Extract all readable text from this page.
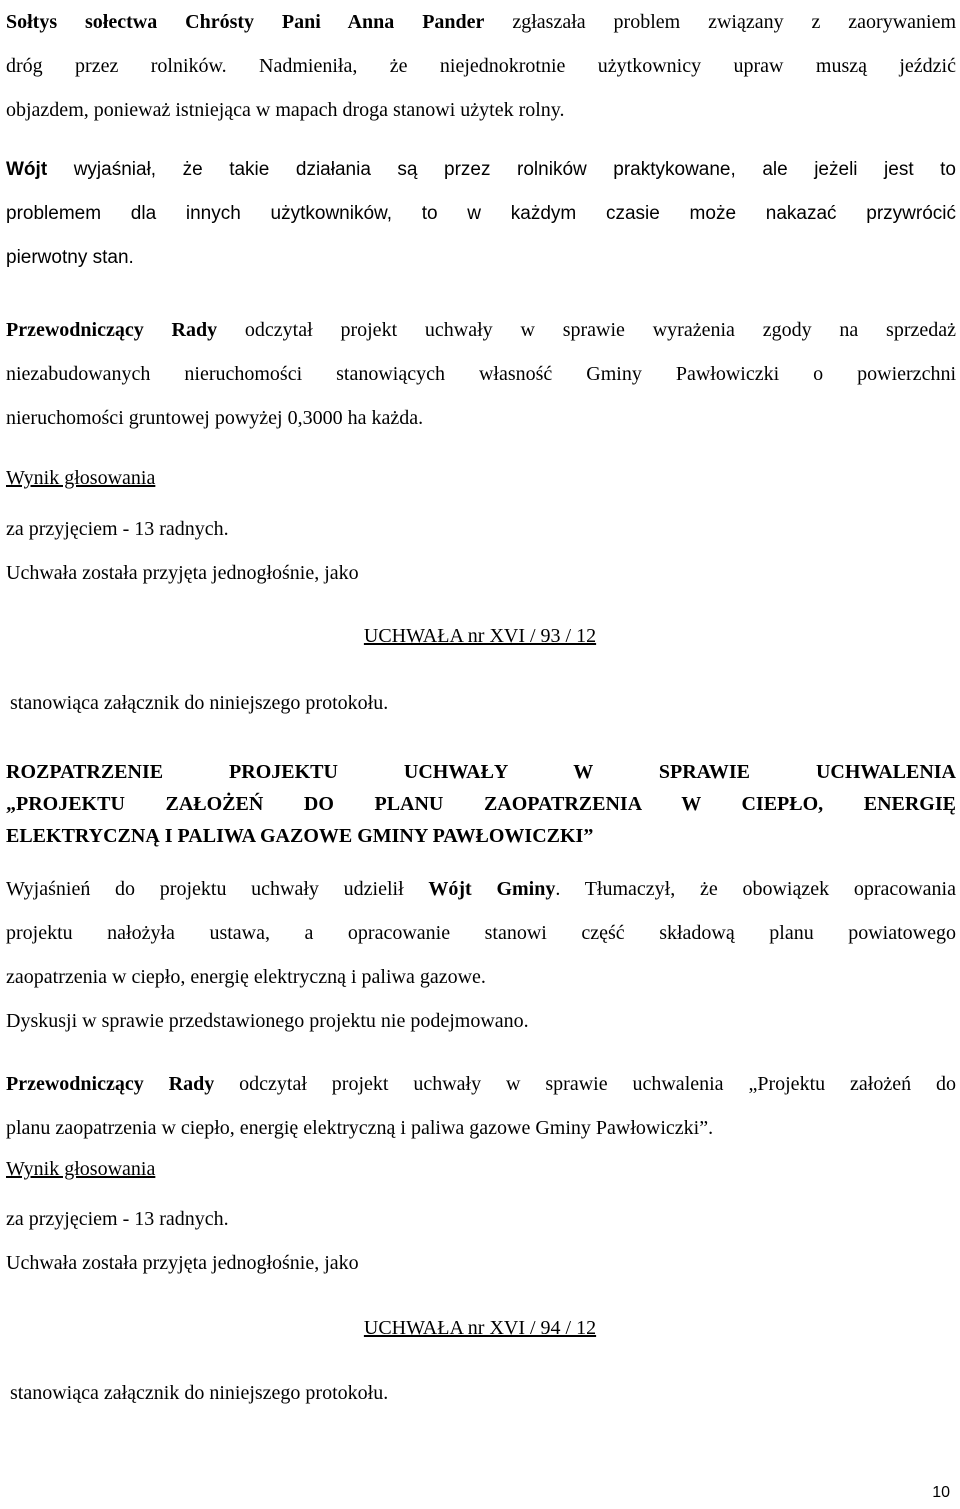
Sołtys sołectwa Chrósty Pani Anna Pander zgłaszała problem związany z zaorywaniem
dróg przez rolników. Nadmieniła, że niejednokrotnie użytkownicy upraw muszą jeździć
objazdem, ponieważ istniejąca w mapach droga stanowi użytek rolny.
Wójt wyjaśniał, że takie działania są przez rolników praktykowane, ale jeżeli jest to
problemem dla innych użytkowników, to w każdym czasie może nakazać przywrócić
pierwotny stan.
Przewodniczący Rady odczytał projekt uchwały w sprawie wyrażenia zgody na sprzedaż
niezabudowanych nieruchomości stanowiących własność Gminy Pawłowiczki o powierzchni
nieruchomości gruntowej powyżej 0,3000 ha każda.
Wynik głosowania
za przyjęciem - 13 radnych.
Uchwała została przyjęta jednogłośnie, jako
UCHWAŁA nr XVI / 93 / 12
stanowiąca załącznik do niniejszego protokołu.
ROZPATRZENIE PROJEKTU UCHWAŁY W SPRAWIE UCHWALENIA
„PROJEKTU ZAŁOŻEŃ DO PLANU ZAOPATRZENIA W CIEPŁO, ENERGIĘ
ELEKTRYCZNĄ I PALIWA GAZOWE GMINY PAWŁOWICZKI”
Wyjaśnień do projektu uchwały udzielił Wójt Gminy. Tłumaczył, że obowiązek opracowania
projektu nałożyła ustawa, a opracowanie stanowi część składową planu powiatowego
zaopatrzenia w ciepło, energię elektryczną i paliwa gazowe.
Dyskusji w sprawie przedstawionego projektu nie podejmowano.
Przewodniczący Rady odczytał projekt uchwały w sprawie uchwalenia „Projektu założeń do
planu zaopatrzenia w ciepło, energię elektryczną i paliwa gazowe Gminy Pawłowiczki”.
Wynik głosowania
za przyjęciem - 13 radnych.
Uchwała została przyjęta jednogłośnie, jako
UCHWAŁA nr XVI / 94 / 12
stanowiąca załącznik do niniejszego protokołu.
10
